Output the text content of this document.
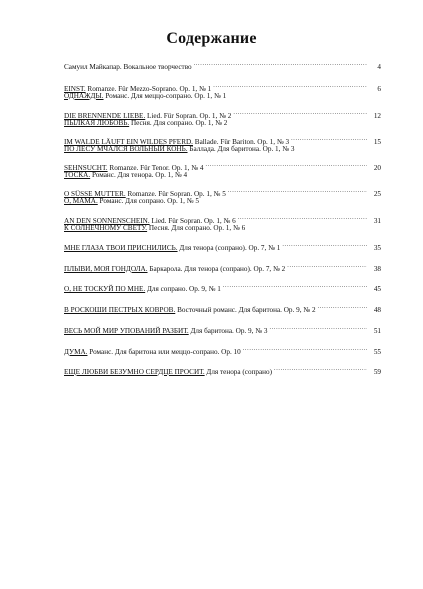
Содержание
Самуил Майкапар. Вокальное творчество . . .	4
EINST. Romanze. Für Mezzo-Soprano. Op. 1, № 1 . . .	6
ОДНАЖДЫ. Романс. Для меццо-сопрано. Op. 1, № 1
DIE BRENNENDE LIEBE. Lied. Für Sopran. Op. 1, № 2 . . .	12
ПЫЛКАЯ ЛЮБОВЬ. Песня. Для сопрано. Op. 1, № 2
IM WALDE LÄUFT EIN WILDES PFERD. Ballade. Für Bariton. Op. 1, № 3 . . .	15
ПО ЛЕСУ МЧАЛСЯ ВОЛЬНЫЙ КОНЬ. Баллада. Для баритона. Op. 1, № 3
SEHNSUCHT. Romanze. Für Tenor. Op. 1, № 4 . . .	20
ТОСКА. Романс. Для тенора. Op. 1, № 4
O SÜSSE MUTTER. Romanze. Für Sopran. Op. 1, № 5 . . .	25
О, МАМА. Романс. Для сопрано. Op. 1, № 5
AN DEN SONNENSCHEIN. Lied. Für Sopran. Op. 1, № 6 . . .	31
К СОЛНЕЧНОМУ СВЕТУ. Песня. Для сопрано. Op. 1, № 6
МНЕ ГЛАЗА ТВОИ ПРИСНИЛИСЬ. Для тенора (сопрано). Op. 7, № 1 . . .	35
ПЛЫВИ, МОЯ ГОНДОЛА. Баркарола. Для тенора (сопрано). Op. 7, № 2 . . .	38
О, НЕ ТОСКУЙ ПО МНЕ. Для сопрано. Op. 9, № 1 . . .	45
В РОСКОШИ ПЕСТРЫХ КОВРОВ. Восточный романс. Для баритона. Op. 9, № 2 . . .	48
ВЕСЬ МОЙ МИР УПОВАНИЙ РАЗБИТ. Для баритона. Op. 9, № 3 . . .	51
ДУМА. Романс. Для баритона или меццо-сопрано. Op. 10 . . .	55
ЕЩЕ ЛЮБВИ БЕЗУМНО СЕРДЦЕ ПРОСИТ. Для тенора (сопрано) . . .	59
